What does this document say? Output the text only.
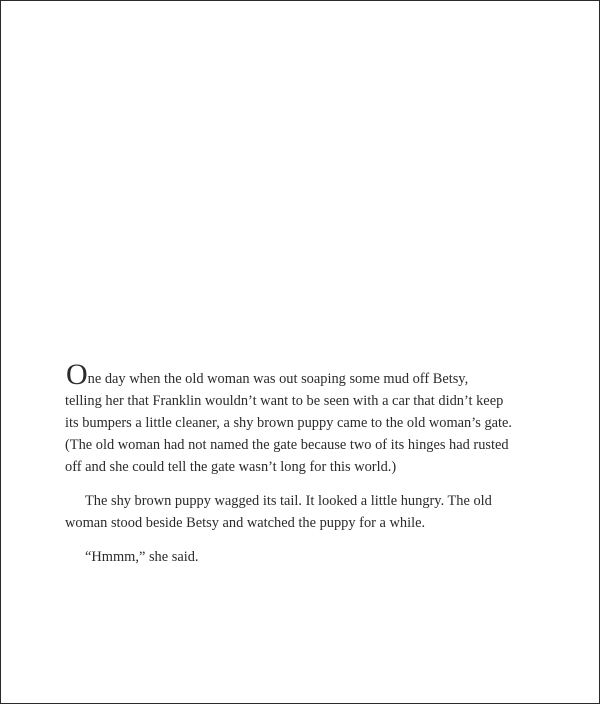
One day when the old woman was out soaping some mud off Betsy,
telling her that Franklin wouldn’t want to be seen with a car that didn’t keep
its bumpers a little cleaner, a shy brown puppy came to the old woman’s gate.
(The old woman had not named the gate because two of its hinges had rusted
off and she could tell the gate wasn’t long for this world.)

The shy brown puppy wagged its tail. It looked a little hungry. The old
woman stood beside Betsy and watched the puppy for a while.

“Hmmm,” she said.
